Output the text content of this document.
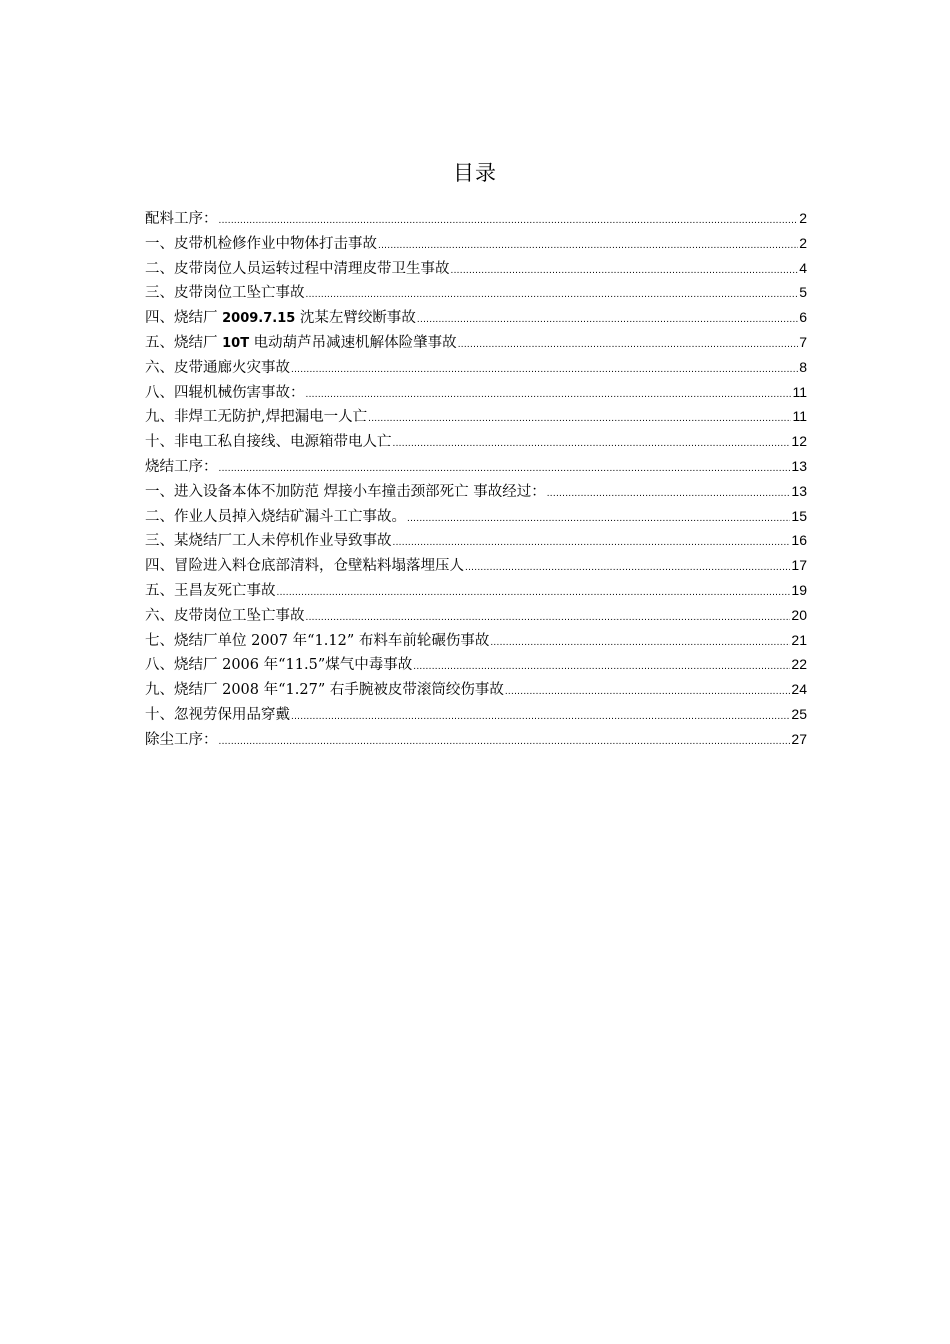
目录
配料工序： .....	2
一、皮带机检修作业中物体打击事故 .....	2
二、皮带岗位人员运转过程中清理皮带卫生事故 .....	4
三、皮带岗位工坠亡事故 .....	5
四、烧结厂 2009.7.15 沈某左臂绞断事故 .....	6
五、烧结厂 10T 电动葫芦吊减速机解体险肇事故 .....	7
六、皮带通廊火灾事故 .....	8
八、四辊机械伤害事故： .....	11
九、非焊工无防护,焊把漏电一人亡 .....	11
十、非电工私自接线、电源箱带电人亡 .....	12
烧结工序： .....	13
一、进入设备本体不加防范 焊接小车撞击颈部死亡 事故经过： .....	13
二、作业人员掉入烧结矿漏斗工亡事故。 .....	15
三、某烧结厂工人未停机作业导致事故 .....	16
四、冒险进入料仓底部清料，仓壁粘料塌落埋压人 .....	17
五、王昌友死亡事故 .....	19
六、皮带岗位工坠亡事故 .....	20
七、烧结厂单位 2007 年“1.12” 布料车前轮碾伤事故 .....	21
八、烧结厂 2006 年“11.5”煤气中毒事故 .....	22
九、烧结厂 2008 年“1.27” 右手腕被皮带滚筒绞伤事故 .....	24
十、忽视劳保用品穿戴 .....	25
除尘工序： .....	27
